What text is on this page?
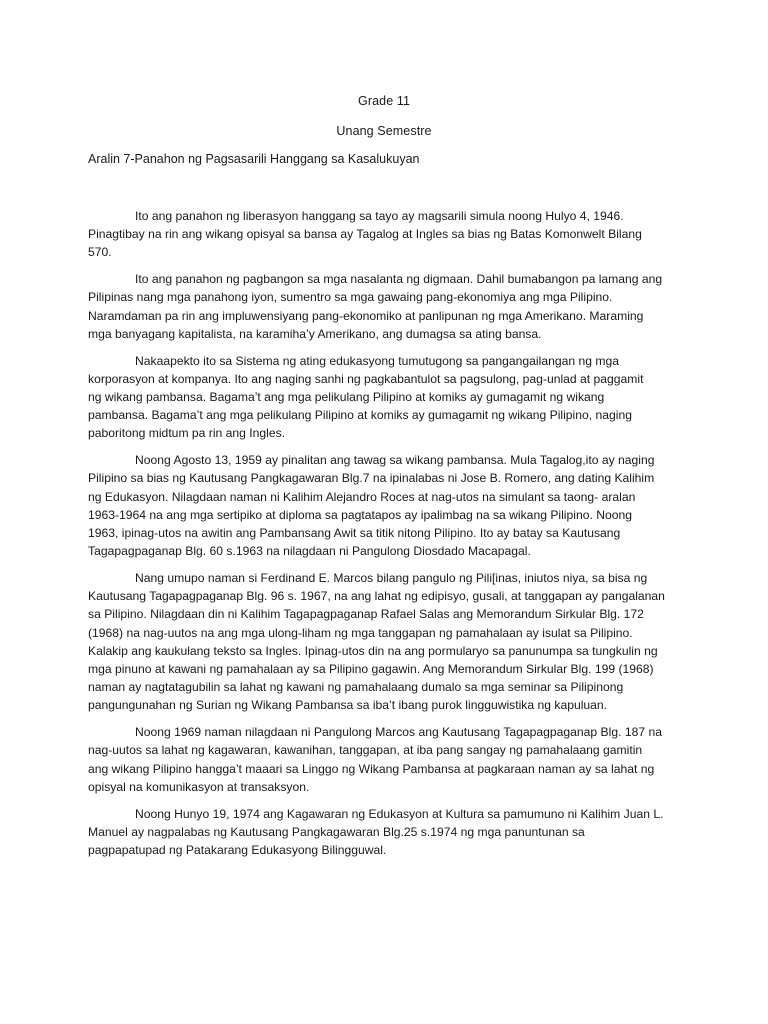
Grade 11
Unang Semestre
Aralin 7-Panahon ng Pagsasarili Hanggang sa Kasalukuyan

Ito ang panahon ng liberasyon hanggang sa tayo ay magsarili simula noong Hulyo 4, 1946.
Pinagtibay na rin ang wikang opisyal sa bansa ay Tagalog at Ingles sa bias ng Batas Komonwelt Bilang
570.

Ito ang panahon ng pagbangon sa mga nasalanta ng digmaan. Dahil bumabangon pa lamang ang
Pilipinas nang mga panahong iyon, sumentro sa mga gawaing pang-ekonomiya ang mga Pilipino.
Naramdaman pa rin ang impluwensiyang pang-ekonomiko at panlipunan ng mga Amerikano. Maraming
mga banyagang kapitalista, na karamiha’y Amerikano, ang dumagsa sa ating bansa.

Nakaapekto ito sa Sistema ng ating edukasyong tumutugong sa pangangailangan ng mga
korporasyon at kompanya. Ito ang naging sanhi ng pagkabantulot sa pagsulong, pag-unlad at paggamit
ng wikang pambansa. Bagama’t ang mga pelikulang Pilipino at komiks ay gumagamit ng wikang
pambansa. Bagama’t ang mga pelikulang Pilipino at komiks ay gumagamit ng wikang Pilipino, naging
paboritong midtum pa rin ang Ingles.

Noong Agosto 13, 1959 ay pinalitan ang tawag sa wikang pambansa. Mula Tagalog,ito ay naging
Pilipino sa bias ng Kautusang Pangkagawaran Blg.7 na ipinalabas ni Jose B. Romero, ang dating Kalihim
ng Edukasyon. Nilagdaan naman ni Kalihim Alejandro Roces at nag-utos na simulant sa taong- aralan
1963-1964 na ang mga sertipiko at diploma sa pagtatapos ay ipalimbag na sa wikang Pilipino. Noong
1963, ipinag-utos na awitin ang Pambansang Awit sa titik nitong Pilipino. Ito ay batay sa Kautusang
Tagapagpaganap Blg. 60 s.1963 na nilagdaan ni Pangulong Diosdado Macapagal.

Nang umupo naman si Ferdinand E. Marcos bilang pangulo ng Pili[inas, iniutos niya, sa bisa ng
Kautusang Tagapagpaganap Blg. 96 s. 1967, na ang lahat ng edipisyo, gusali, at tanggapan ay pangalanan
sa Pilipino. Nilagdaan din ni Kalihim Tagapagpaganap Rafael Salas ang Memorandum Sirkular Blg. 172
(1968) na nag-uutos na ang mga ulong-liham ng mga tanggapan ng pamahalaan ay isulat sa Pilipino.
Kalakip ang kaukulang teksto sa Ingles. Ipinag-utos din na ang pormularyo sa panunumpa sa tungkulin ng
mga pinuno at kawani ng pamahalaan ay sa Pilipino gagawin. Ang Memorandum Sirkular Blg. 199 (1968)
naman ay nagtatagubilin sa lahat ng kawani ng pamahalaang dumalo sa mga seminar sa Pilipinong
pangungunahan ng Surian ng Wikang Pambansa sa iba’t ibang purok lingguwistika ng kapuluan.

Noong 1969 naman nilagdaan ni Pangulong Marcos ang Kautusang Tagapagpaganap Blg. 187 na
nag-uutos sa lahat ng kagawaran, kawanihan, tanggapan, at iba pang sangay ng pamahalaang gamitin
ang wikang Pilipino hangga’t maaari sa Linggo ng Wikang Pambansa at pagkaraan naman ay sa lahat ng
opisyal na komunikasyon at transaksyon.

Noong Hunyo 19, 1974 ang Kagawaran ng Edukasyon at Kultura sa pamumuno ni Kalihim Juan L.
Manuel ay nagpalabas ng Kautusang Pangkagawaran Blg.25 s.1974 ng mga panuntunan sa
pagpapatupad ng Patakarang Edukasyong Bilingguwal.
